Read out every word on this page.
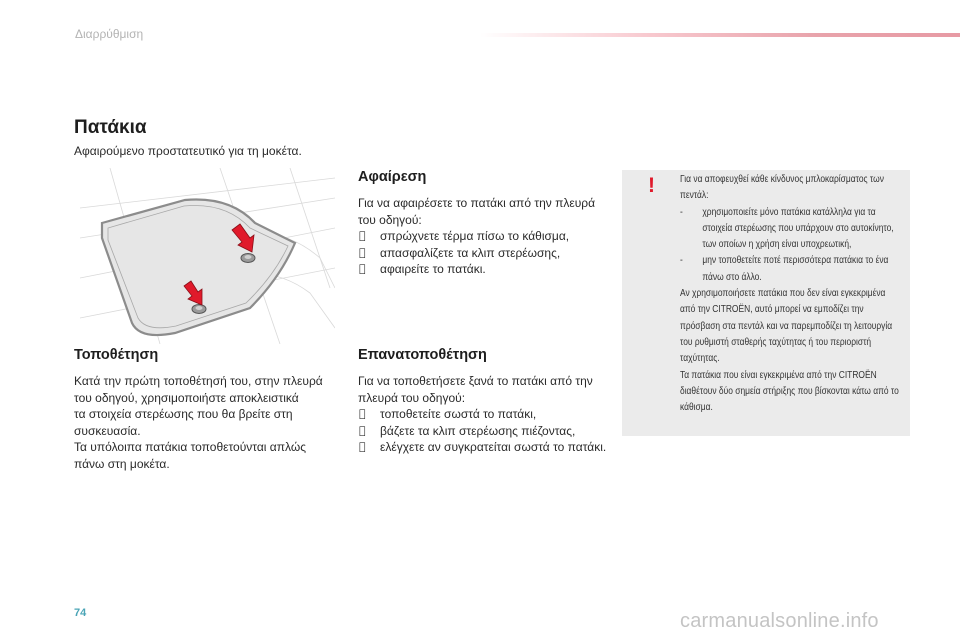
Διαρρύθμιση
Πατάκια

Αφαιρούμενο προστατευτικό για τη μοκέτα.

Αφαίρεση

Για να αφαιρέσετε το πατάκι από την πλευρά του οδηγού:

σπρώχνετε τέρμα πίσω το κάθισμα,
απασφαλίζετε τα κλιπ στερέωσης,
αφαιρείτε το πατάκι.
Τοποθέτηση

Κατά την πρώτη τοποθέτησή του, στην πλευρά

του οδηγού, χρησιμοποιήστε αποκλειστικά

τα στοιχεία στερέωσης που θα βρείτε στη

συσκευασία.

Τα υπόλοιπα πατάκια τοποθετούνται απλώς

πάνω στη μοκέτα.

Επανατοποθέτηση

Για να τοποθετήσετε ξανά το πατάκι από την πλευρά του οδηγού:

τοποθετείτε σωστά το πατάκι,
βάζετε τα κλιπ στερέωσης πιέζοντας,
ελέγχετε αν συγκρατείται σωστά το πατάκι.
!	Για να αποφευχθεί κάθε κίνδυνος μπλοκαρίσματος των πεντάλ:

- χρησιμοποιείτε μόνο πατάκια κατάλληλα για τα στοιχεία στερέωσης που υπάρχουν στο αυτοκίνητο, των οποίων η χρήση είναι υποχρεωτική,

- μην τοποθετείτε ποτέ περισσότερα πατάκια το ένα πάνω στο άλλο.

Αν χρησιμοποιήσετε πατάκια που δεν είναι εγκεκριμένα από την CITROËN, αυτό μπορεί να εμποδίζει την πρόσβαση στα πεντάλ και να παρεμποδίζει τη λειτουργία του ρυθμιστή σταθερής ταχύτητας ή του περιοριστή ταχύτητας.

Τα πατάκια που είναι εγκεκριμένα από την CITROËN διαθέτουν δύο σημεία στήριξης που βίσκονται κάτω από το κάθισμα.

74	carmanualsonline.info
